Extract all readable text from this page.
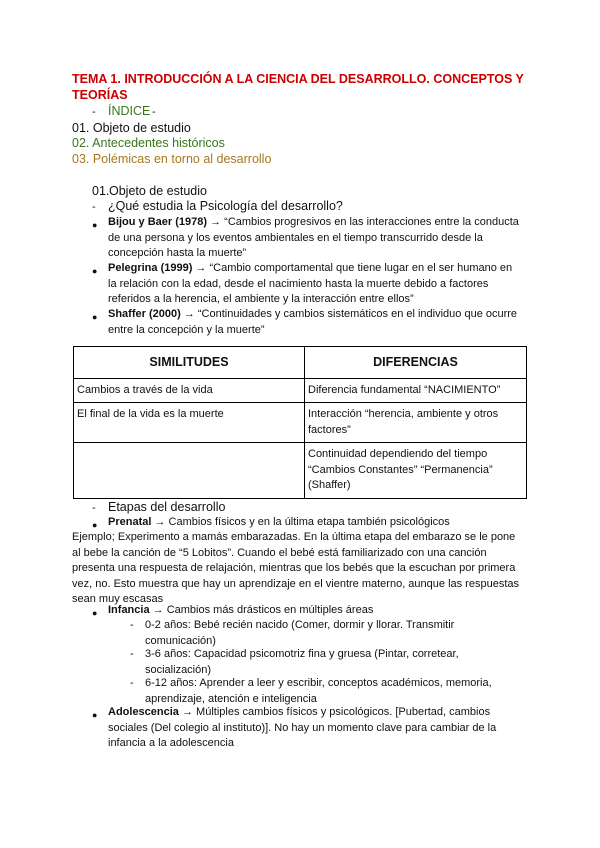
TEMA 1. INTRODUCCIÓN A LA CIENCIA DEL DESARROLLO. CONCEPTOS Y TEORÍAS
- ÍNDICE -
01. Objeto de estudio
02. Antecedentes históricos
03. Polémicas en torno al desarrollo
01. Objeto de estudio
- ¿Qué estudia la Psicología del desarrollo?
● Bijou y Baer (1978) → “Cambios progresivos en las interacciones entre la conducta
de una persona y los eventos ambientales en el tiempo transcurrido desde la
concepción hasta la muerte”
● Pelegrina (1999) → “Cambio comportamental que tiene lugar en el ser humano en
la relación con la edad, desde el nacimiento hasta la muerte debido a factores
referidos a la herencia, el ambiente y la interacción entre ellos”
● Shaffer (2000) → “Continuidades y cambios sistemáticos en el individuo que ocurre
entre la concepción y la muerte”
SIMILITUDES	DIFERENCIAS
Cambios a través de la vida	Diferencia fundamental “NACIMIENTO”
El final de la vida es la muerte	Interacción “herencia, ambiente y otros factores”
	Continuidad dependiendo del tiempo “Cambios Constantes” “Permanencia” (Shaffer)
- Etapas del desarrollo
● Prenatal → Cambios físicos y en la última etapa también psicológicos
Ejemplo; Experimento a mamás embarazadas. En la última etapa del embarazo se le pone
al bebe la canción de “5 Lobitos”. Cuando el bebé está familiarizado con una canción
presenta una respuesta de relajación, mientras que los bebés que la escuchan por primera
vez, no. Esto muestra que hay un aprendizaje en el vientre materno, aunque las respuestas
sean muy escasas
● Infancia → Cambios más drásticos en múltiples áreas
- 0-2 años: Bebé recién nacido (Comer, dormir y llorar. Transmitir
comunicación)
- 3-6 años: Capacidad psicomotriz fina y gruesa (Pintar, corretear,
socialización)
- 6-12 años: Aprender a leer y escribir, conceptos académicos, memoria,
aprendizaje, atención e inteligencia
● Adolescencia → Múltiples cambios físicos y psicológicos. [Pubertad, cambios
sociales (Del colegio al instituto)]. No hay un momento clave para cambiar de la
infancia a la adolescencia
